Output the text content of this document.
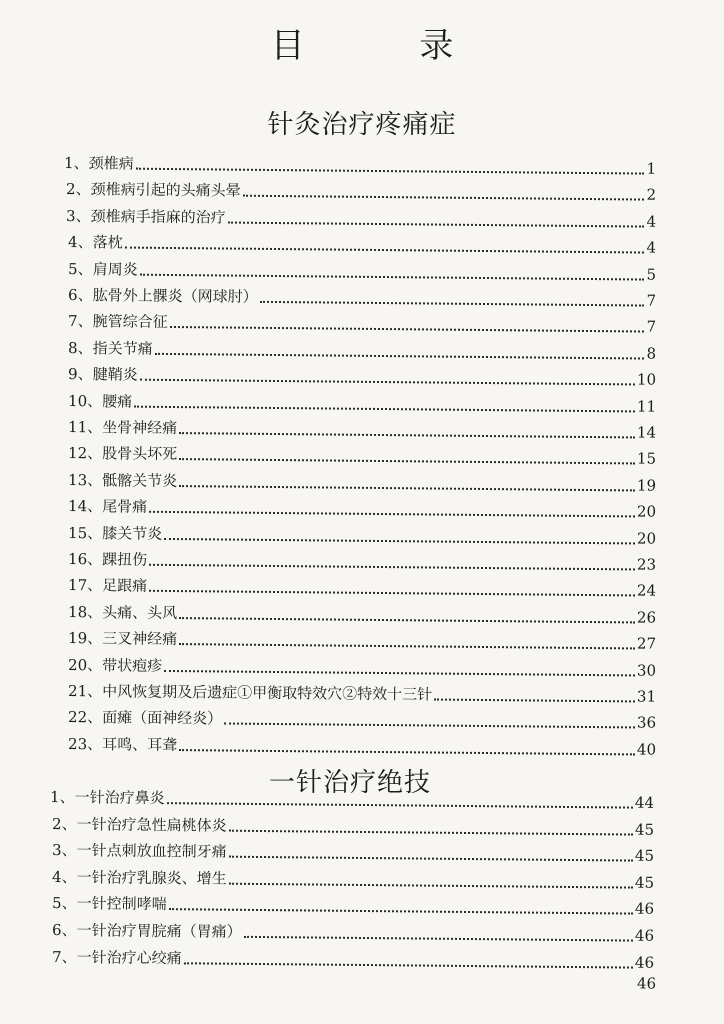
目 录
针灸治疗疼痛症
一针治疗绝技
1、颈椎病	1
2、颈椎病引起的头痛头晕	2
3、颈椎病手指麻的治疗	4
4、落枕	4
5、肩周炎	5
6、肱骨外上髁炎（网球肘）	7
7、腕管综合征	7
8、指关节痛	8
9、腱鞘炎	10
10、腰痛	11
11、坐骨神经痛	14
12、股骨头坏死	15
13、骶髂关节炎	19
14、尾骨痛	20
15、膝关节炎	20
16、踝扭伤	23
17、足跟痛	24
18、头痛、头风	26
19、三叉神经痛	27
20、带状疱疹	30
21、中风恢复期及后遗症①甲衡取特效穴②特效十三针	31
22、面瘫（面神经炎）	36
23、耳鸣、耳聋	40
1、一针治疗鼻炎	44
2、一针治疗急性扁桃体炎	45
3、一针点刺放血控制牙痛	45
4、一针治疗乳腺炎、增生	45
5、一针控制哮喘	46
6、一针治疗胃脘痛（胃痛）	46
7、一针治疗心绞痛	46
46
